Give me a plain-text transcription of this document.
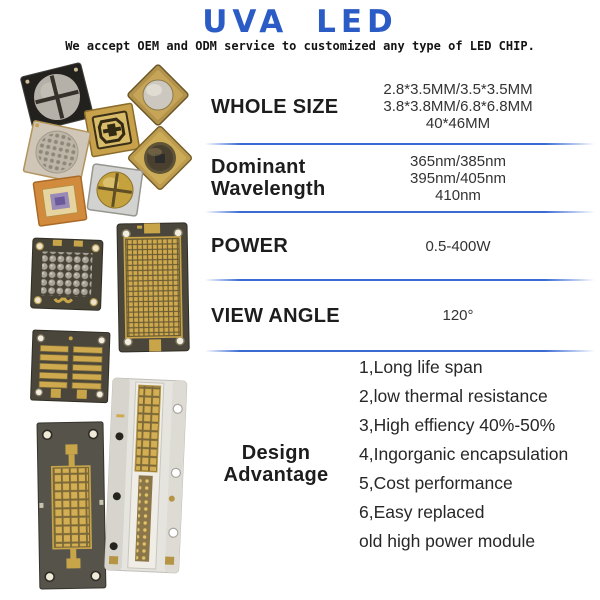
UVA LED
We accept OEM and ODM service to customized any type of LED CHIP.
WHOLE SIZE
2.8*3.5MM/3.5*3.5MM
3.8*3.8MM/6.8*6.8MM
40*46MM
Dominant
Wavelength
365nm/385nm
395nm/405nm
410nm
POWER	0.5-400W
VIEW ANGLE	120°
Design
Advantage
1,Long life span
2,low thermal resistance
3,High effiency 40%-50%
4,Ingorganic encapsulation
5,Cost performance
6,Easy replaced
old high power module
